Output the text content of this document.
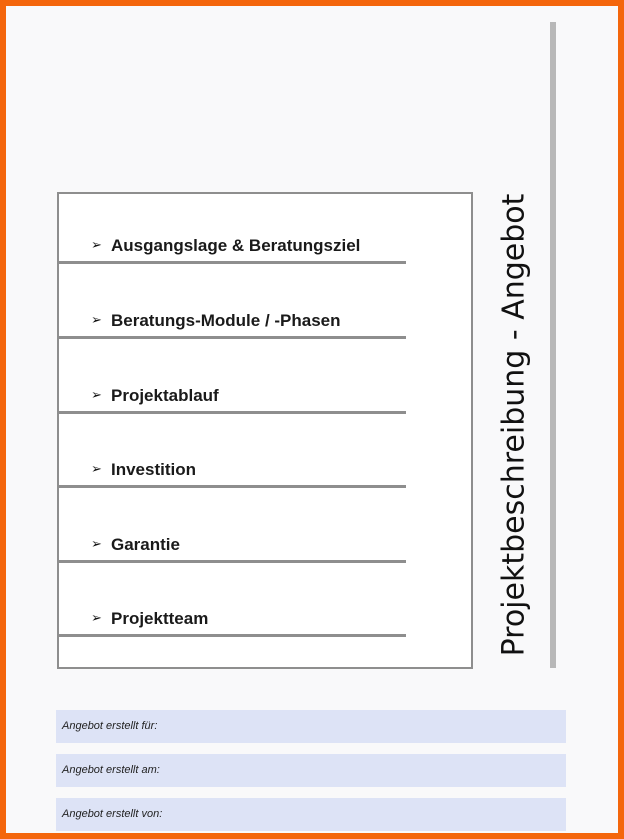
➢ Ausgangslage & Beratungsziel
➢ Beratungs-Module / -Phasen
➢ Projektablauf
➢ Investition
➢ Garantie
➢ Projektteam	Projektbeschreibung - Angebot
Angebot erstellt für:
Angebot erstellt am:
Angebot erstellt von:
